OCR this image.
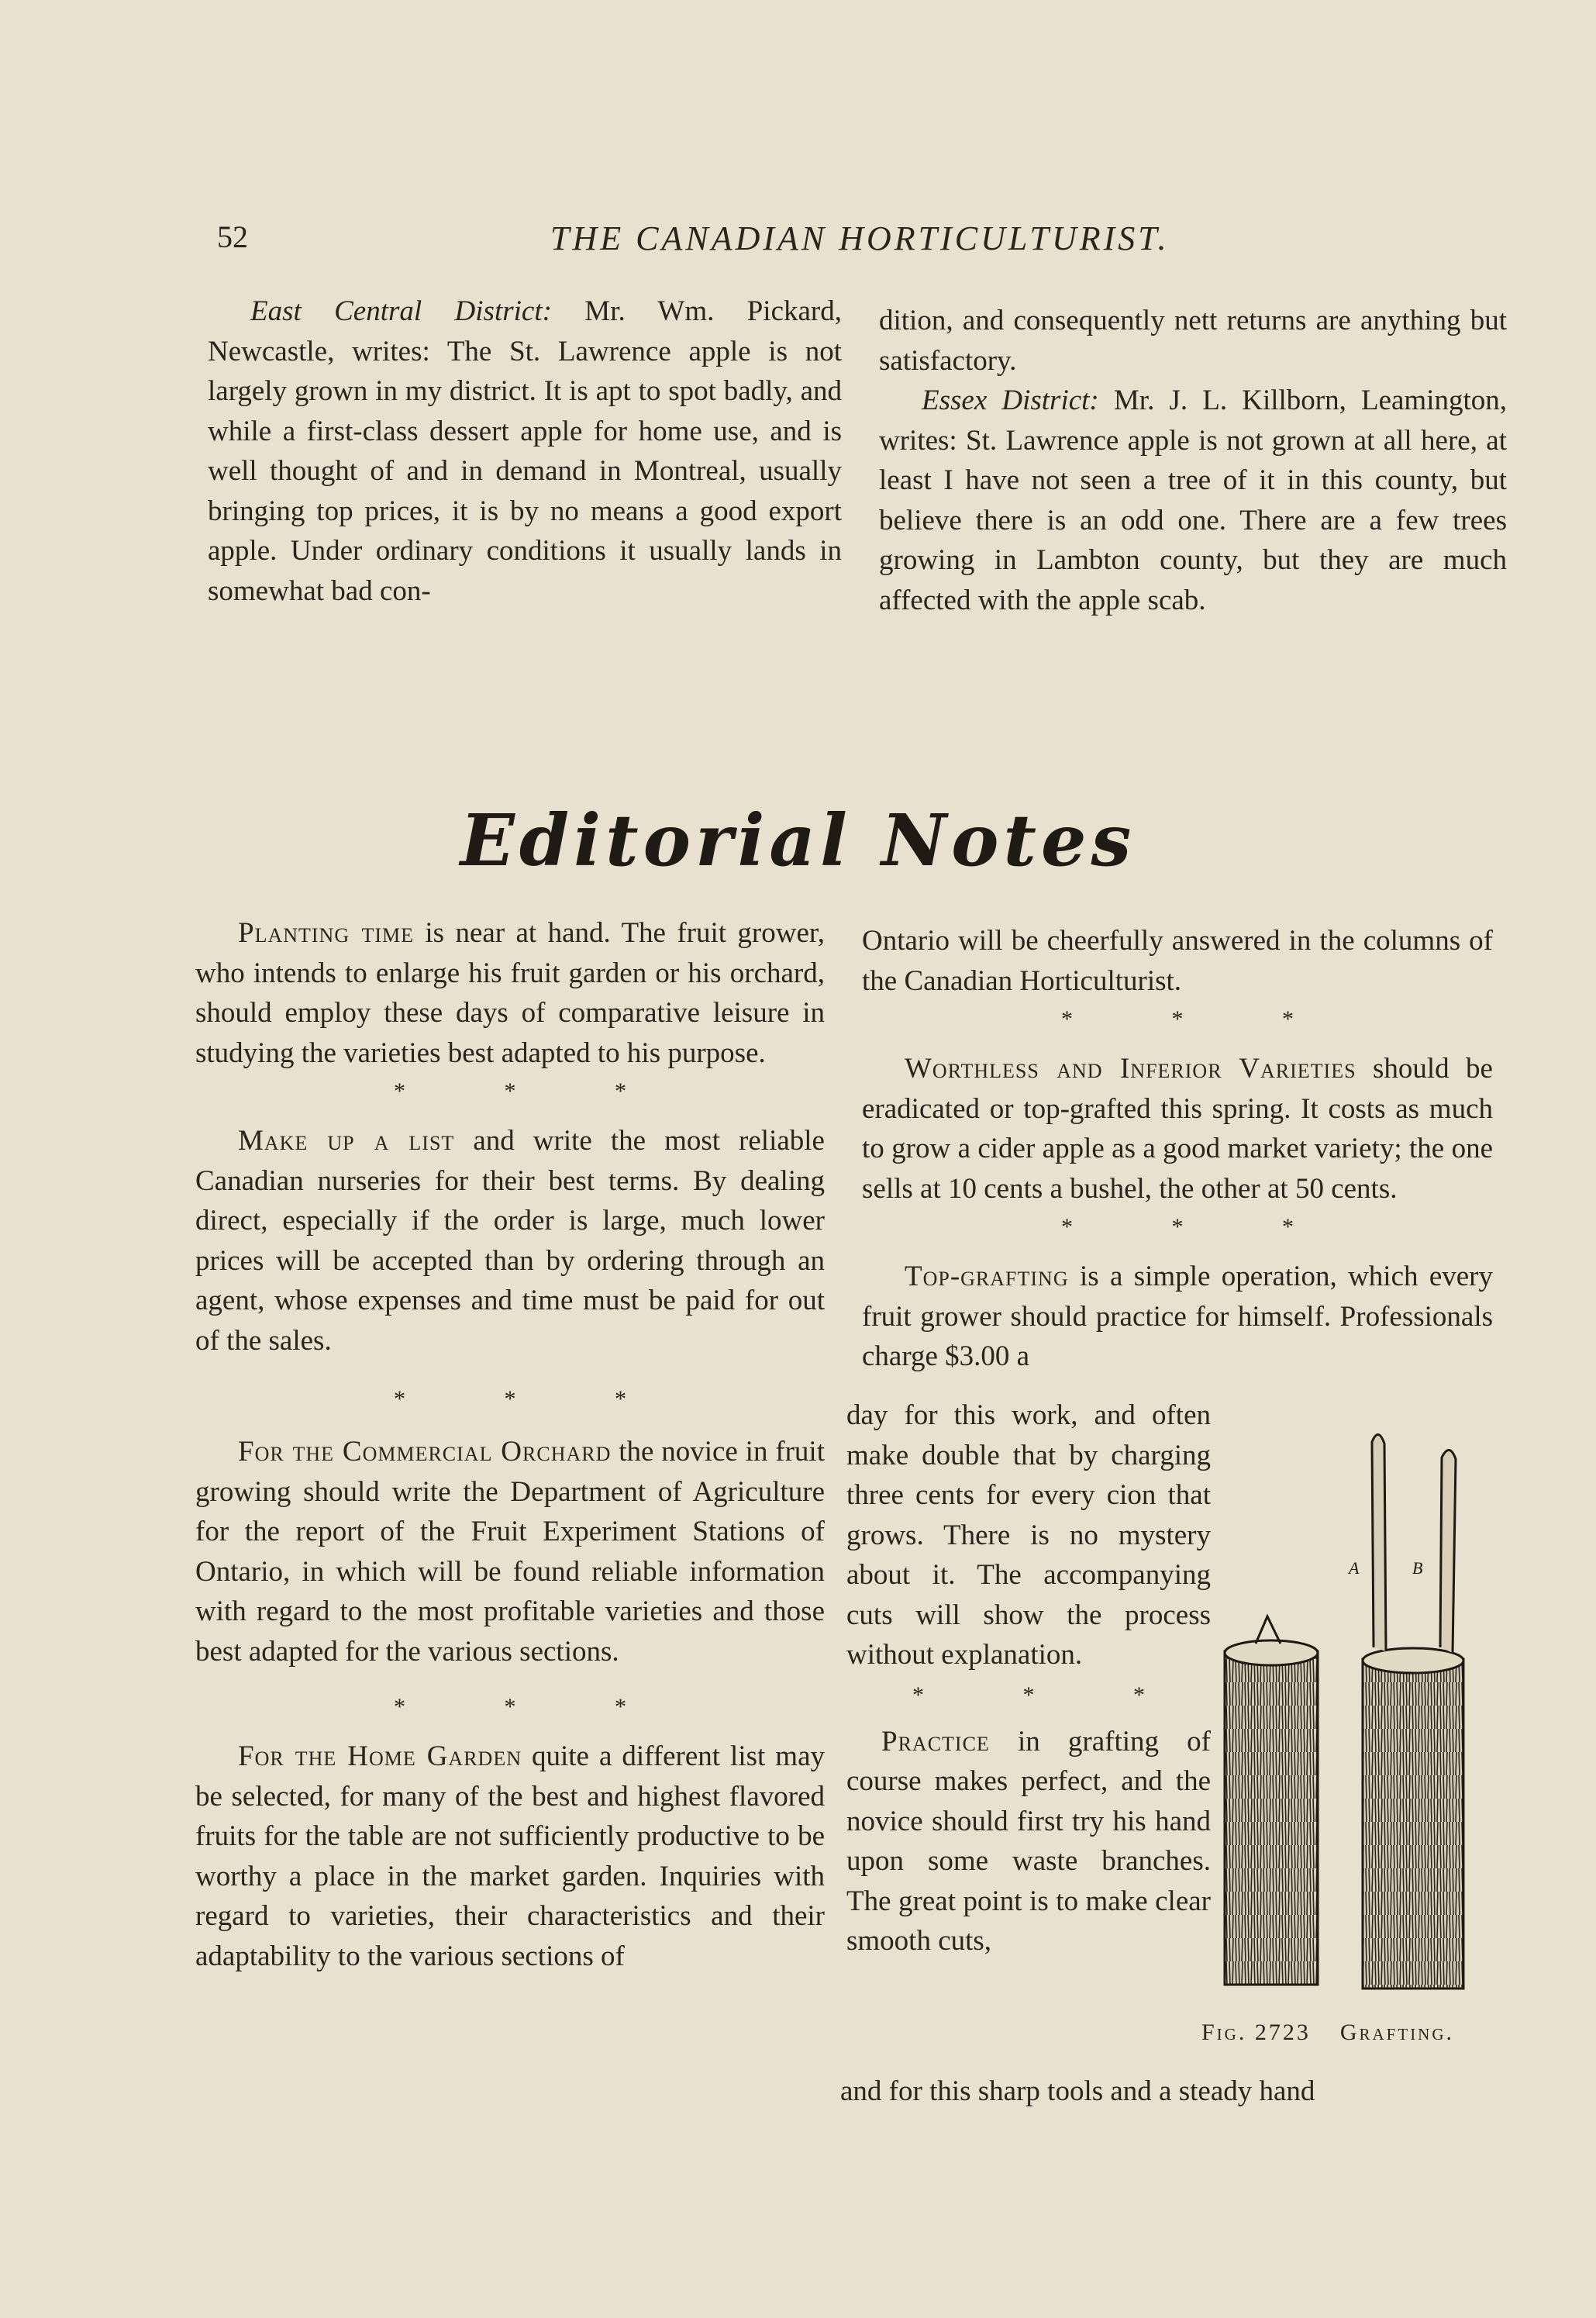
52	THE CANADIAN HORTICULTURIST.

East Central District: Mr. Wm. Pickard, Newcastle, writes: The St. Lawrence apple is not largely grown in my district. It is apt to spot badly, and while a first-class dessert apple for home use, and is well thought of and in demand in Montreal, usually bringing top prices, it is by no means a good export apple. Under ordinary conditions it usually lands in somewhat bad con-

dition, and consequently nett returns are anything but satisfactory.

Essex District: Mr. J. L. Killborn, Leamington, writes: St. Lawrence apple is not grown at all here, at least I have not seen a tree of it in this county, but believe there is an odd one. There are a few trees growing in Lambton county, but they are much affected with the apple scab.

Editorial Notes

Planting time is near at hand. The fruit grower, who intends to enlarge his fruit garden or his orchard, should employ these days of comparative leisure in studying the varieties best adapted to his purpose.

* * *

Make up a list and write the most reliable Canadian nurseries for their best terms. By dealing direct, especially if the order is large, much lower prices will be accepted than by ordering through an agent, whose expenses and time must be paid for out of the sales.

* * *

For the Commercial Orchard the novice in fruit growing should write the Department of Agriculture for the report of the Fruit Experiment Stations of Ontario, in which will be found reliable information with regard to the most profitable varieties and those best adapted for the various sections.

* * *

For the Home Garden quite a different list may be selected, for many of the best and highest flavored fruits for the table are not sufficiently productive to be worthy a place in the market garden. Inquiries with regard to varieties, their characteristics and their adaptability to the various sections of

Ontario will be cheerfully answered in the columns of the Canadian Horticulturist.

* * *

Worthless and Inferior Varieties should be eradicated or top-grafted this spring. It costs as much to grow a cider apple as a good market variety; the one sells at 10 cents a bushel, the other at 50 cents.

* * *

Top-grafting is a simple operation, which every fruit grower should practice for himself. Professionals charge $3.00 a

day for this work, and often make double that by charging three cents for every cion that grows. There is no mystery about it. The accompanying cuts will show the process without explanation.

* * *

Practice in grafting of course makes perfect, and the novice should first try his hand upon some waste branches. The great point is to make clear smooth cuts,

and for this sharp tools and a steady hand

A	B
Fig. 2723 Grafting.
